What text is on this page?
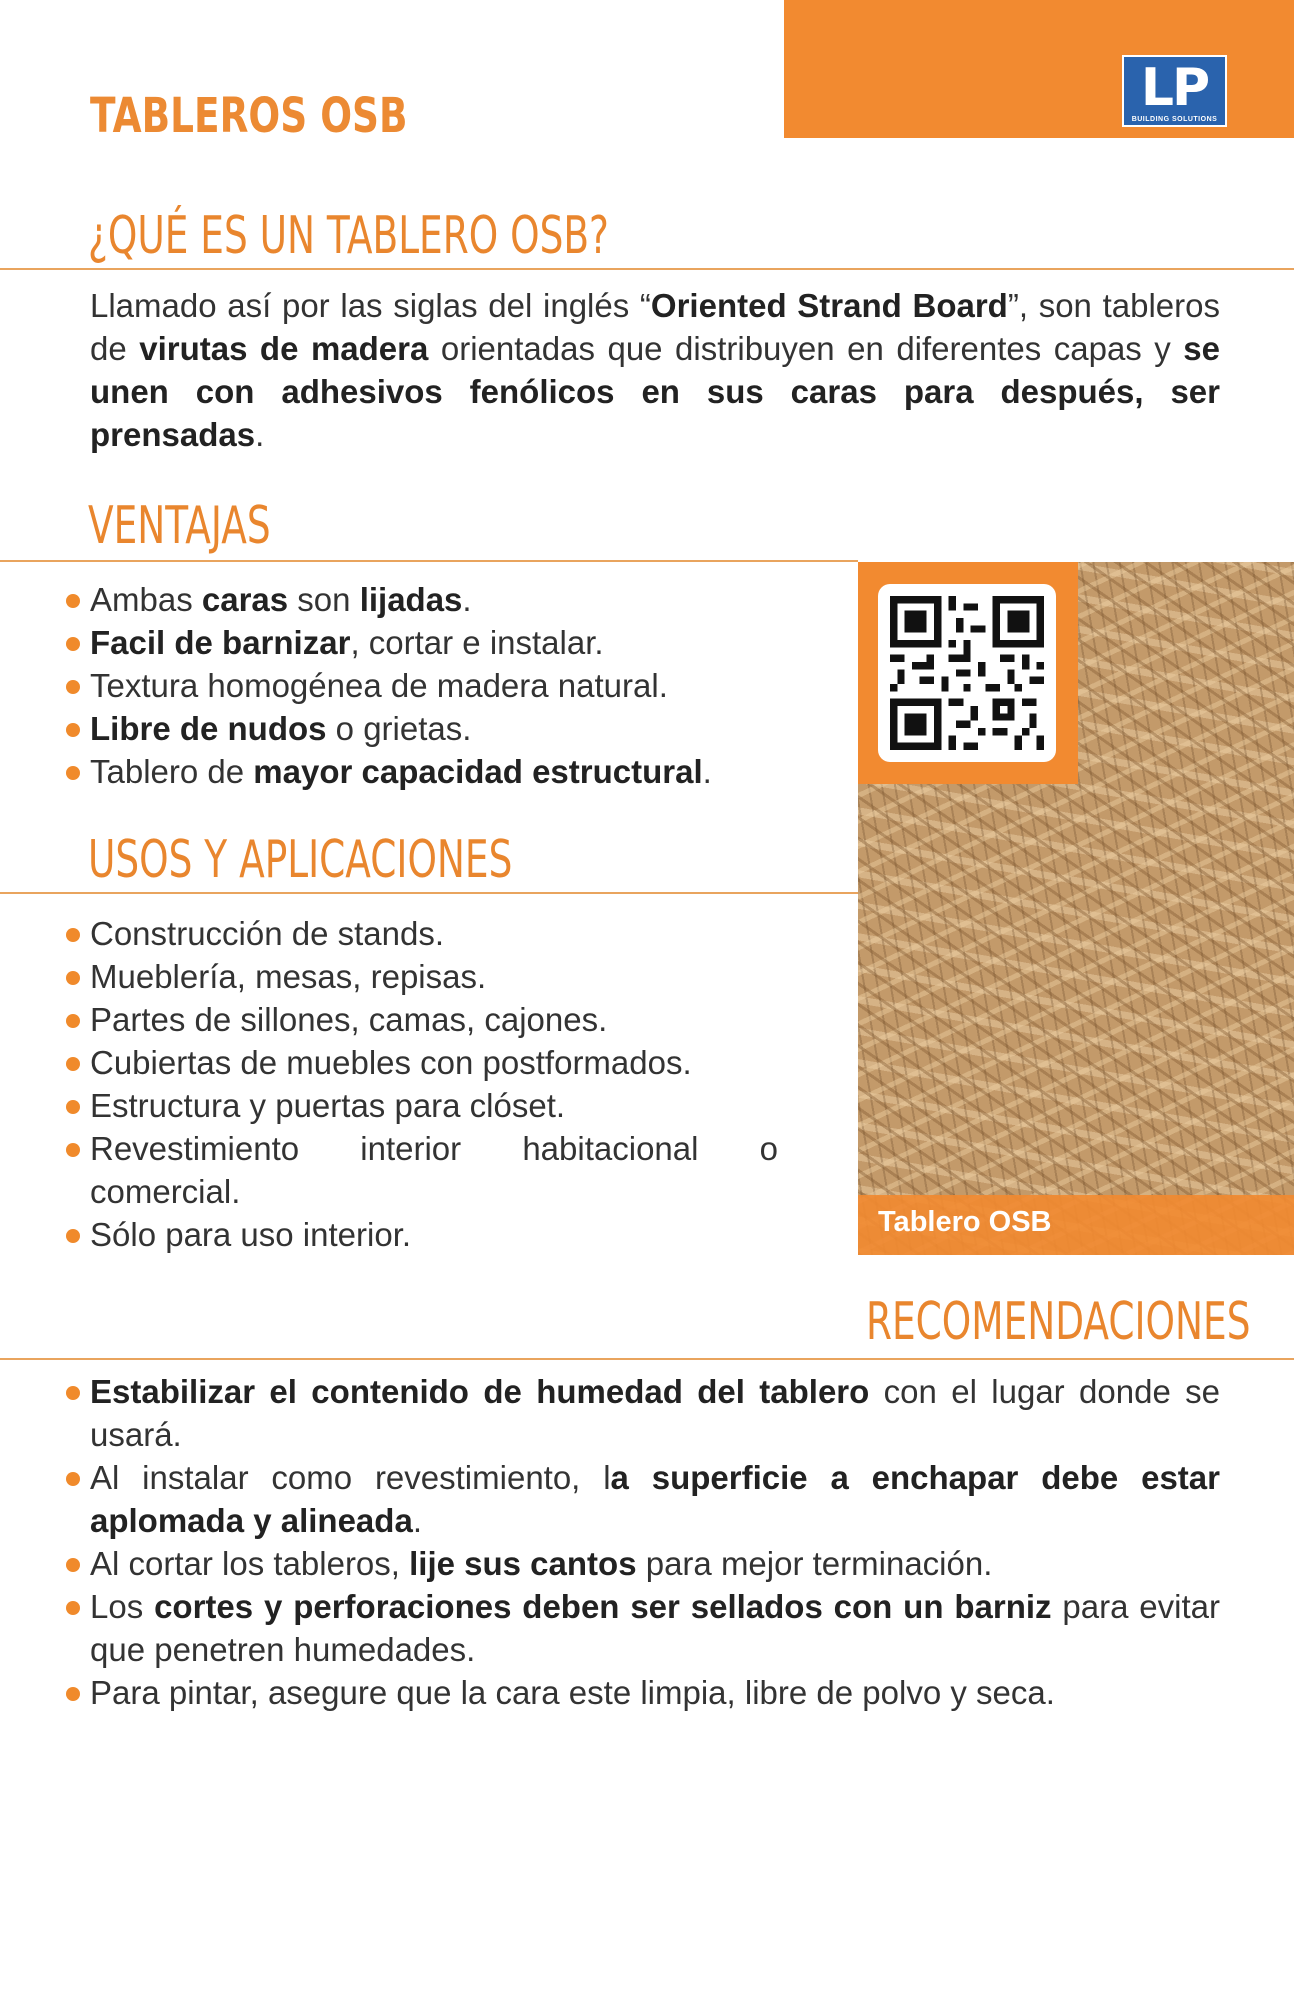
LP
BUILDING SOLUTIONS
TABLEROS OSB
¿QUÉ ES UN TABLERO OSB?
Llamado así por las siglas del inglés “Oriented Strand Board”, son tableros de virutas de madera orientadas que distribuyen en diferentes capas y se unen con adhesivos fenólicos en sus caras para después, ser prensadas.
VENTAJAS
Ambas caras son lijadas.
Facil de barnizar, cortar e instalar.
Textura homogénea de madera natural.
Libre de nudos o grietas.
Tablero de mayor capacidad estructural.
USOS Y APLICACIONES
Construcción de stands.
Mueblería, mesas, repisas.
Partes de sillones, camas, cajones.
Cubiertas de muebles con postformados.
Estructura y puertas para clóset.
Revestimiento interior habitacional o comercial.
Sólo para uso interior.	Tablero OSB
RECOMENDACIONES
Estabilizar el contenido de humedad del tablero con el lugar donde se usará.
Al instalar como revestimiento, la superficie a enchapar debe estar aplomada y alineada.
Al cortar los tableros, lije sus cantos para mejor terminación.
Los cortes y perforaciones deben ser sellados con un barniz para evitar que penetren humedades.
Para pintar, asegure que la cara este limpia, libre de polvo y seca.
